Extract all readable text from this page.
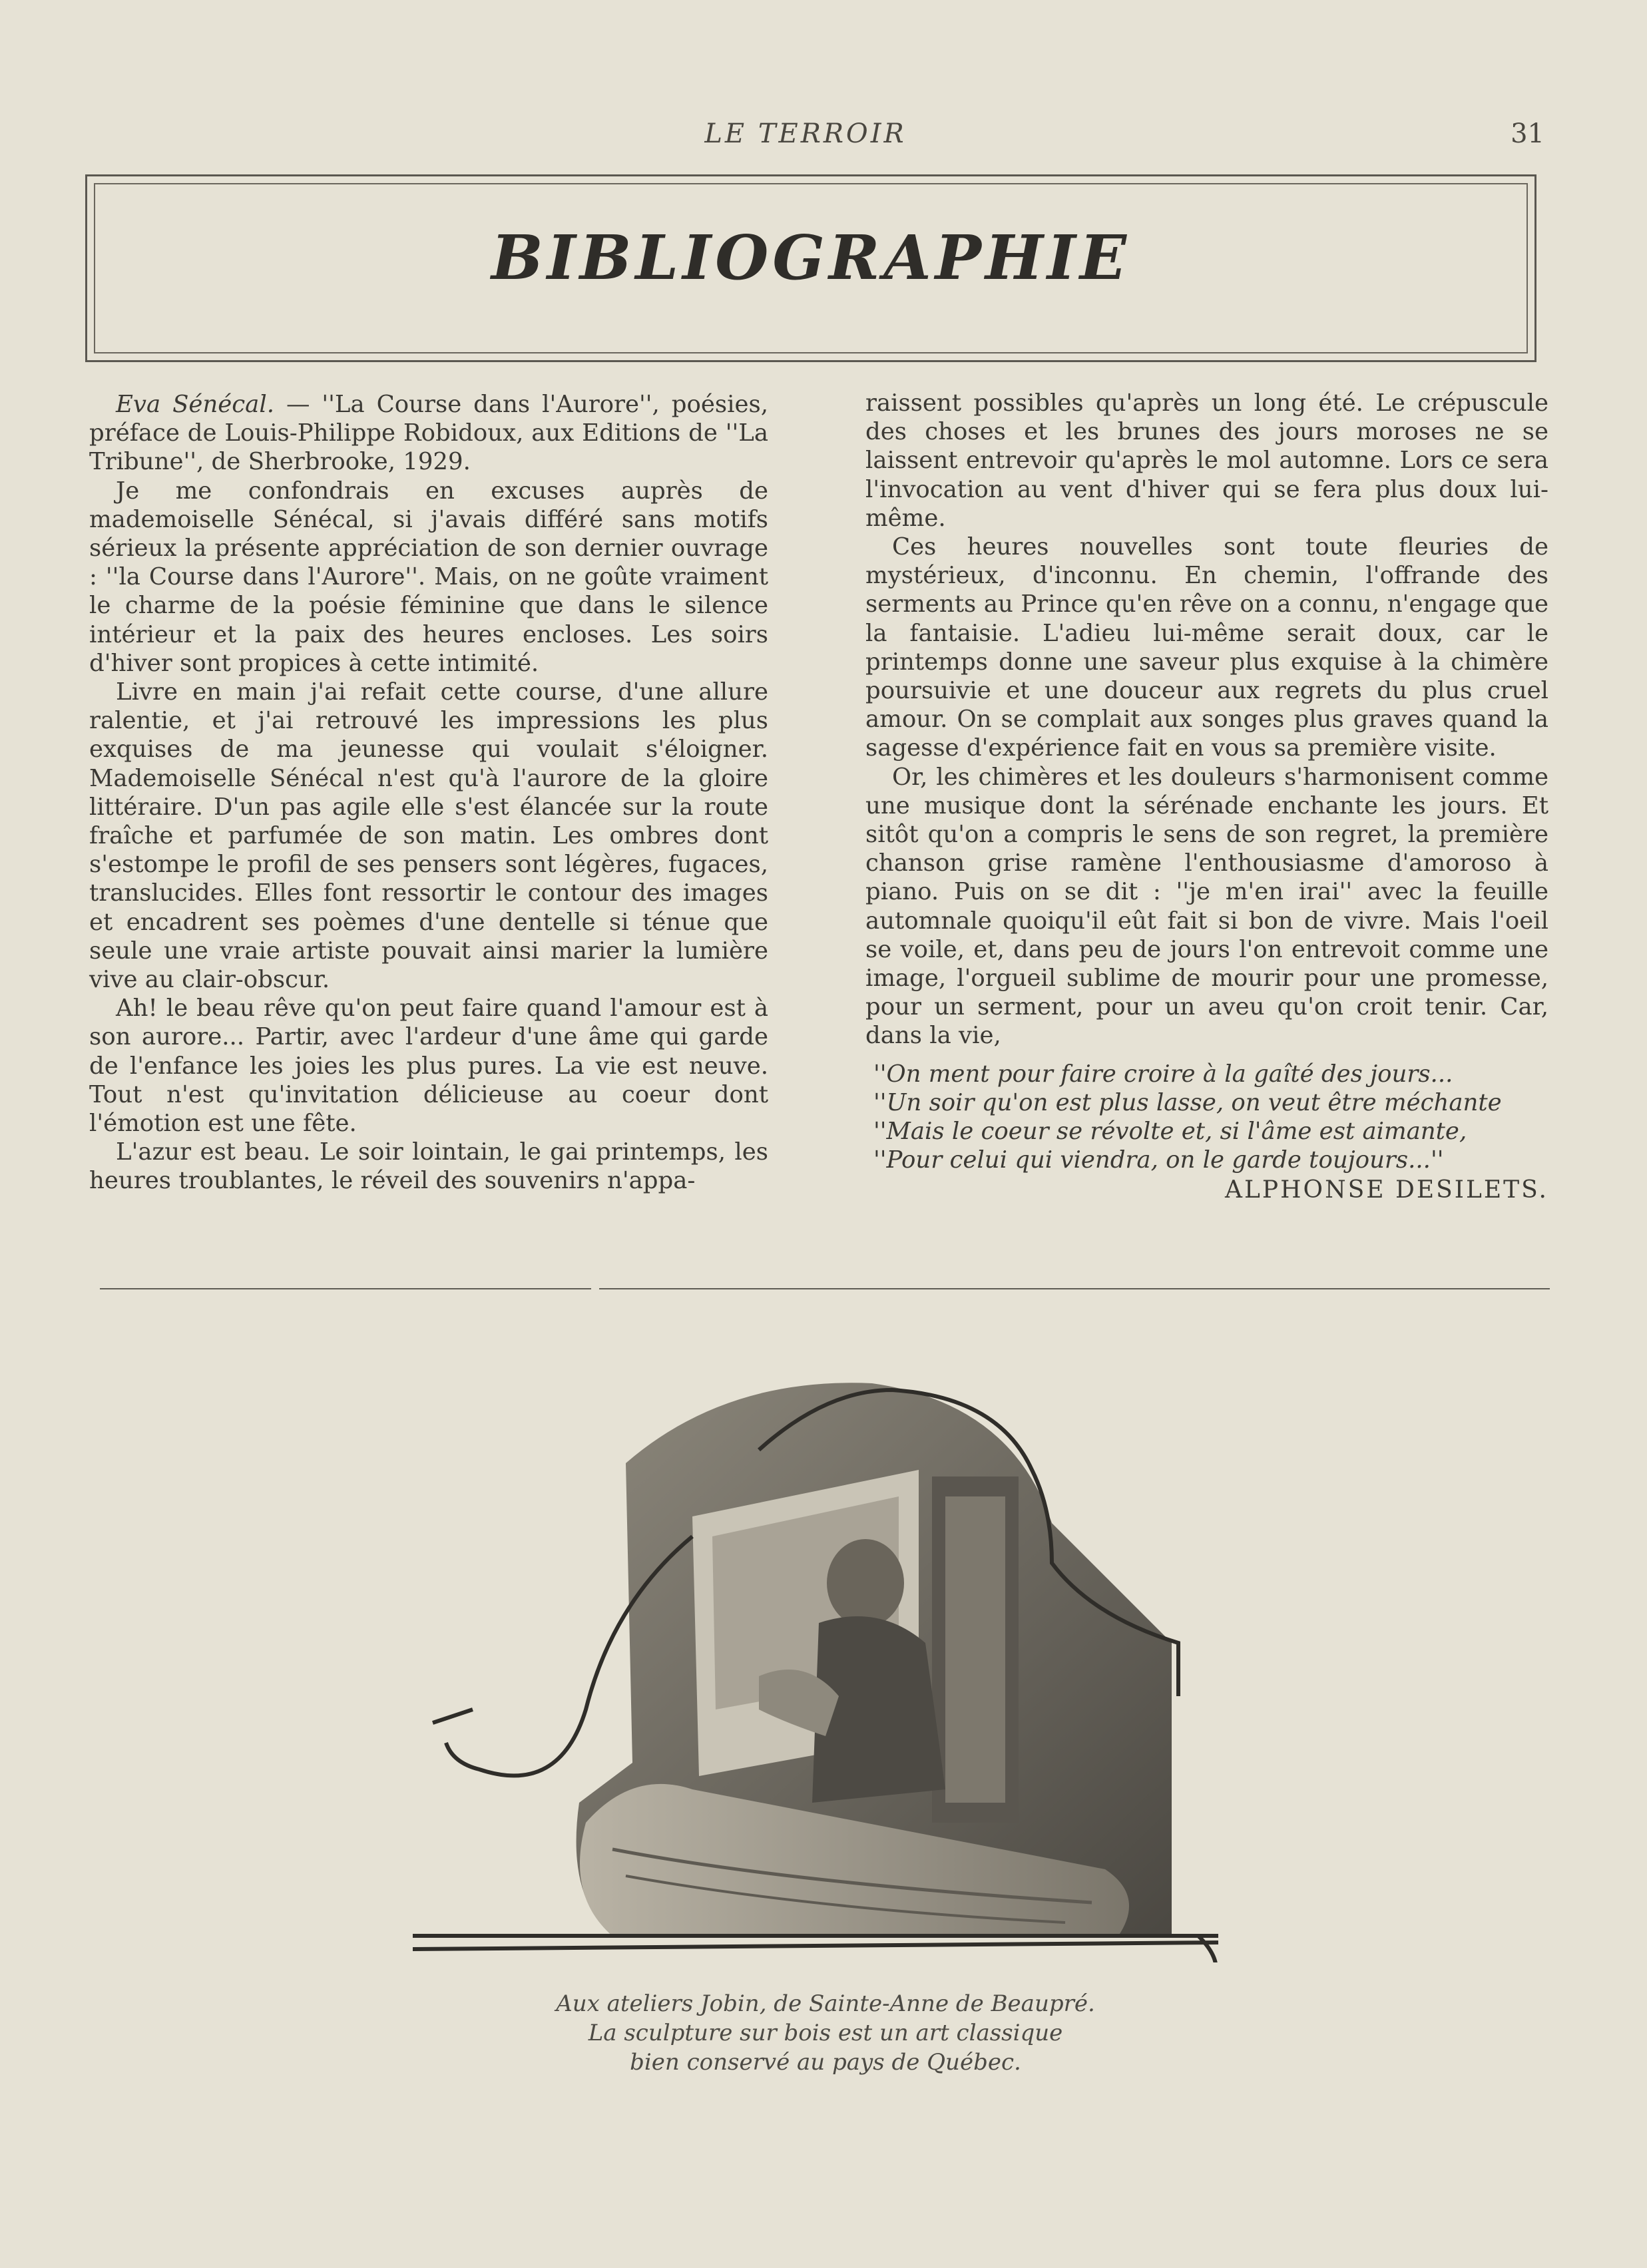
LE TERROIR	31
BIBLIOGRAPHIE

Eva Sénécal. — ''La Course dans l'Aurore'', poésies, préface de Louis-Philippe Robidoux, aux Editions de ''La Tribune'', de Sherbrooke, 1929.

Je me confondrais en excuses auprès de mademoiselle Sénécal, si j'avais différé sans motifs sérieux la présente appréciation de son dernier ouvrage : ''la Course dans l'Aurore''. Mais, on ne goûte vraiment le charme de la poésie féminine que dans le silence intérieur et la paix des heures encloses. Les soirs d'hiver sont propices à cette intimité.

Livre en main j'ai refait cette course, d'une allure ralentie, et j'ai retrouvé les impressions les plus exquises de ma jeunesse qui voulait s'éloigner. Mademoiselle Sénécal n'est qu'à l'aurore de la gloire littéraire. D'un pas agile elle s'est élancée sur la route fraîche et parfumée de son matin. Les ombres dont s'estompe le profil de ses pensers sont légères, fugaces, translucides. Elles font ressortir le contour des images et encadrent ses poèmes d'une dentelle si ténue que seule une vraie artiste pouvait ainsi marier la lumière vive au clair-obscur.

Ah! le beau rêve qu'on peut faire quand l'amour est à son aurore... Partir, avec l'ardeur d'une âme qui garde de l'enfance les joies les plus pures. La vie est neuve. Tout n'est qu'invitation délicieuse au coeur dont l'émotion est une fête.

L'azur est beau. Le soir lointain, le gai printemps, les heures troublantes, le réveil des souvenirs n'appa-

raissent possibles qu'après un long été. Le crépuscule des choses et les brunes des jours moroses ne se laissent entrevoir qu'après le mol automne. Lors ce sera l'invocation au vent d'hiver qui se fera plus doux lui-même.

Ces heures nouvelles sont toute fleuries de mystérieux, d'inconnu. En chemin, l'offrande des serments au Prince qu'en rêve on a connu, n'engage que la fantaisie. L'adieu lui-même serait doux, car le printemps donne une saveur plus exquise à la chimère poursuivie et une douceur aux regrets du plus cruel amour. On se complait aux songes plus graves quand la sagesse d'expérience fait en vous sa première visite.

Or, les chimères et les douleurs s'harmonisent comme une musique dont la sérénade enchante les jours. Et sitôt qu'on a compris le sens de son regret, la première chanson grise ramène l'enthousiasme d'amoroso à piano. Puis on se dit : ''je m'en irai'' avec la feuille automnale quoiqu'il eût fait si bon de vivre. Mais l'oeil se voile, et, dans peu de jours l'on entrevoit comme une image, l'orgueil sublime de mourir pour une promesse, pour un serment, pour un aveu qu'on croit tenir. Car, dans la vie,

''On ment pour faire croire à la gaîté des jours...
''Un soir qu'on est plus lasse, on veut être méchante
''Mais le coeur se révolte et, si l'âme est aimante,
''Pour celui qui viendra, on le garde toujours...''
ALPHONSE DESILETS.
Aux ateliers Jobin, de Sainte-Anne de Beaupré.
La sculpture sur bois est un art classique
bien conservé au pays de Québec.
